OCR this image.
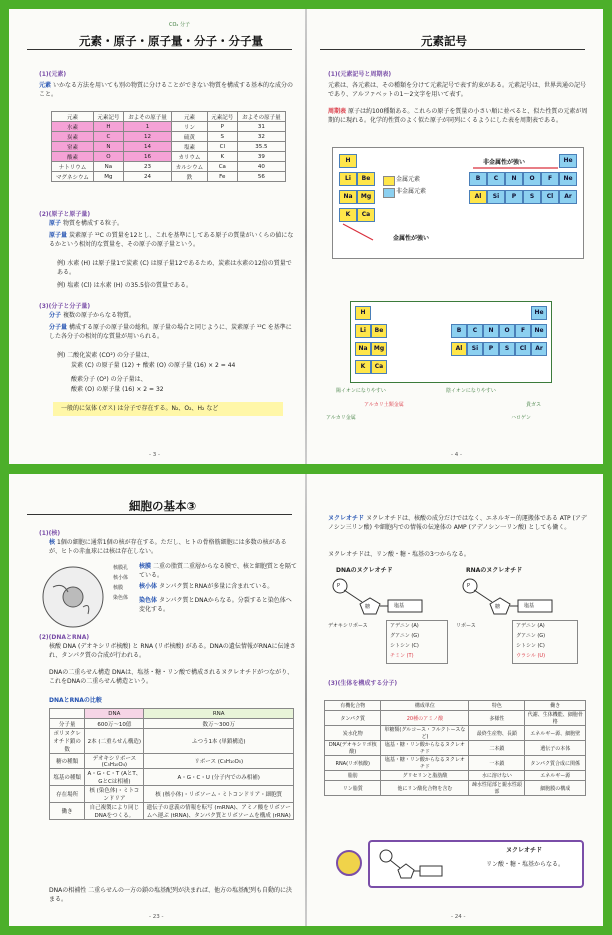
元素・原子・原子量・分子・分子量
CO₂ 分子
(1)(元素)
元素 いかなる方法を用いても別の物質に分けることができない物質を構成する基本的な成分のこと。
元素	元素記号	およその原子量	元素	元素記号	およその原子量
水素	H	1	リン	P	31
炭素	C	12	硫黄	S	32
窒素	N	14	塩素	Cl	35.5
酸素	O	16	カリウム	K	39
ナトリウム	Na	23	カルシウム	Ca	40
マグネシウム	Mg	24	鉄	Fe	56
(2)(原子と原子量)
原子 物質を構成する粒子。
原子量 炭素原子 ¹²C の質量を12とし、これを基準にしてある原子の質量がいくらの値になるかという相対的な質量を、その原子の原子量という。
例) 水素 (H) は原子量1で炭素 (C) は原子量12であるため、炭素は水素の12倍の質量である。
例) 塩素 (Cl) は水素 (H) の35.5倍の質量である。
(3)(分子と分子量)
分子 複数の原子からなる物質。
分子量 構成する原子の原子量の総和。原子量の場合と同じように、炭素原子 ¹²C を基準にした各分子の相対的な質量が用いられる。
例) 二酸化炭素 (CO²) の分子量は、
炭素 (C) の原子量 (12) + 酸素 (O) の原子量 (16) × 2 = 44
酸素分子 (O²) の分子量は、
酸素 (O) の原子量 (16) × 2 = 32
一般的に気体 (ガス) は分子で存在する。N₂、O₂、H₂ など
- 3 -
元素記号
(1)(元素記号と周期表)
元素は、各元素は、その種類を分けて元素記号で表す約束がある。元素記号は、世界共通の記号であり、アルファベットの1〜2文字を用いて表す。
周期表 原子は約100種類ある。これらの原子を質量の小さい順に並べると、似た性質の元素が周期的に現れる。化学的性質のよく似た原子が同列にくるようにした表を周期表である。
H	He
Li	Be	B	C	N	O	F	Ne
Na	Mg	Al	Si	P	S	Cl	Ar
K	Ca
金属元素
非金属元素
非金属性が強い
金属性が強い
H	He
Li	Be	B	C	N	O	F	Ne
Na	Mg	Al	Si	P	S	Cl	Ar
K	Ca
陽イオンになりやすい	陰イオンになりやすい
アルカリ土類金属
アルカリ金属
貴ガス
ハロゲン
- 4 -
細胞の基本③
(1)(核)
核 1個の細胞に通常1個の核が存在する。ただし、ヒトの骨格筋細胞には多数の核があるが、ヒトの赤血球には核は存在しない。
核膜孔
核小体
核膜
染色体
核膜 二重の脂質二重層からなる膜で、核と細胞質とを隔てている。
核小体 タンパク質とRNAが多量に含まれている。
染色体 タンパク質とDNAからなる。分裂すると染色体へ変化する。
(2)(DNAとRNA)
核酸 DNA (デオキシリボ核酸) と RNA (リボ核酸) がある。DNAの遺伝情報がRNAに伝達され、タンパク質の合成が行われる。
DNAの二重らせん構造 DNAは、塩基・糖・リン酸で構成されるヌクレオチドがつながり、これをDNAの二重らせん構造という。
DNAとRNAの比較
	DNA	RNA
分子量	600万〜10億	数万〜300万
ポリヌクレオチド鎖の数	2本 (二重らせん構造)	ふつう1本 (単鎖構造)
糖の種類	デオキシリボース (C₅H₁₀O₄)	リボース (C₅H₁₀O₅)
塩基の種類	A・G・C・T (AとT、GとCは相補)	A・G・C・U (分子内でのみ相補)
存在場所	核 (染色体)・ミトコンドリア	核 (核小体)・リボソーム・ミトコンドリア・細胞質
働き	自己複製により同じDNAをつくる。	遺伝子の意義の情報を転写 (mRNA)、アミノ酸をリボソームへ運ぶ (tRNA)、タンパク質とリボソームを構成 (rRNA)
DNAの相補性 二重らせんの一方の鎖の塩基配列が決まれば、他方の塩基配列も自動的に決まる。
- 23 -
ヌクレオチド ヌクレオチドは、核酸の成分だけではなく、エネルギー的運搬体である ATP (アデノシン三リン酸) や細胞内での情報の伝達体の AMP (アデノシン一リン酸) としても働く。
ヌクレオチドは、リン酸・糖・塩基の3つからなる。
DNAのヌクレオチド	RNAのヌクレオチド
P
糖	塩基
P
糖	塩基
デオキシリボース	リボース
アデニン (A)
グアニン (G)
シトシン (C)
チミン (T)
アデニン (A)
グアニン (G)
シトシン (C)
ウラシル (U)
(3)(生体を構成する分子)
有機化合物	構成単位	特色	働き
タンパク質	20種のアミノ酸	多様性	代謝、生体機能、細胞骨格
炭水化物	単糖類(グルコース・フルクトースなど)	最終生産物、長鎖	エネルギー源、細胞壁
DNA(デオキシリボ核酸)	塩基・糖・リン酸からなるヌクレオチド	二本鎖	遺伝子の本体
RNA(リボ核酸)	塩基・糖・リン酸からなるヌクレオチド	一本鎖	タンパク質合成に関係
脂肪	グリセリンと脂肪酸	水に溶けない	エネルギー源
リン脂質	他にリン酸化合物を含む	疎水性尾部と親水性頭部	細胞膜の構成
ヌクレオチド
リン酸・糖・塩基からなる。
- 24 -
